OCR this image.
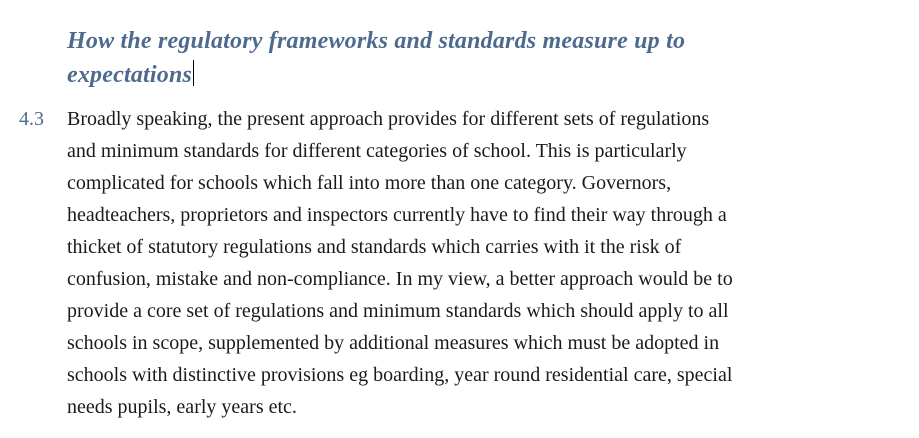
How the regulatory frameworks and standards measure up to
expectations
4.3 Broadly speaking, the present approach provides for different sets of regulations
and minimum standards for different categories of school. This is particularly
complicated for schools which fall into more than one category. Governors,
headteachers, proprietors and inspectors currently have to find their way through a
thicket of statutory regulations and standards which carries with it the risk of
confusion, mistake and non-compliance. In my view, a better approach would be to
provide a core set of regulations and minimum standards which should apply to all
schools in scope, supplemented by additional measures which must be adopted in
schools with distinctive provisions eg boarding, year round residential care, special
needs pupils, early years etc.
